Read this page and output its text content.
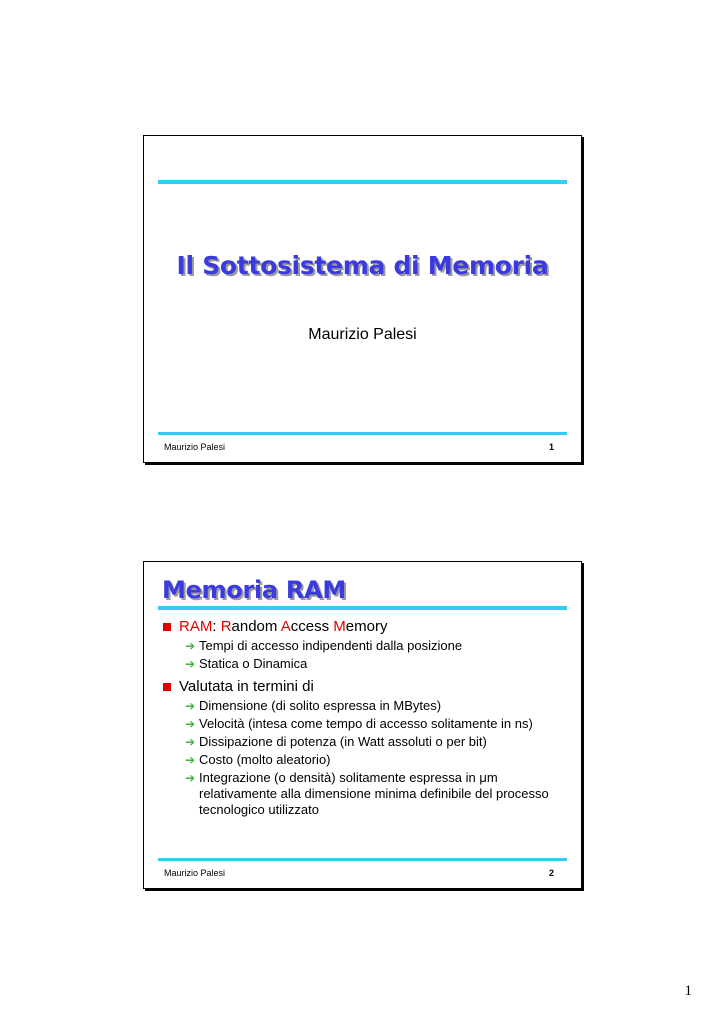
Il Sottosistema di Memoria
Maurizio Palesi
Maurizio Palesi	1
Memoria RAM
RAM: Random Access Memory
➔ Tempi di accesso indipendenti dalla posizione
➔ Statica o Dinamica
Valutata in termini di
➔ Dimensione (di solito espressa in MBytes)
➔ Velocità (intesa come tempo di accesso solitamente in ns)
➔ Dissipazione di potenza (in Watt assoluti o per bit)
➔ Costo (molto aleatorio)
➔ Integrazione (o densità) solitamente espressa in μm relativamente alla dimensione minima definibile del processo tecnologico utilizzato
Maurizio Palesi	2
1
